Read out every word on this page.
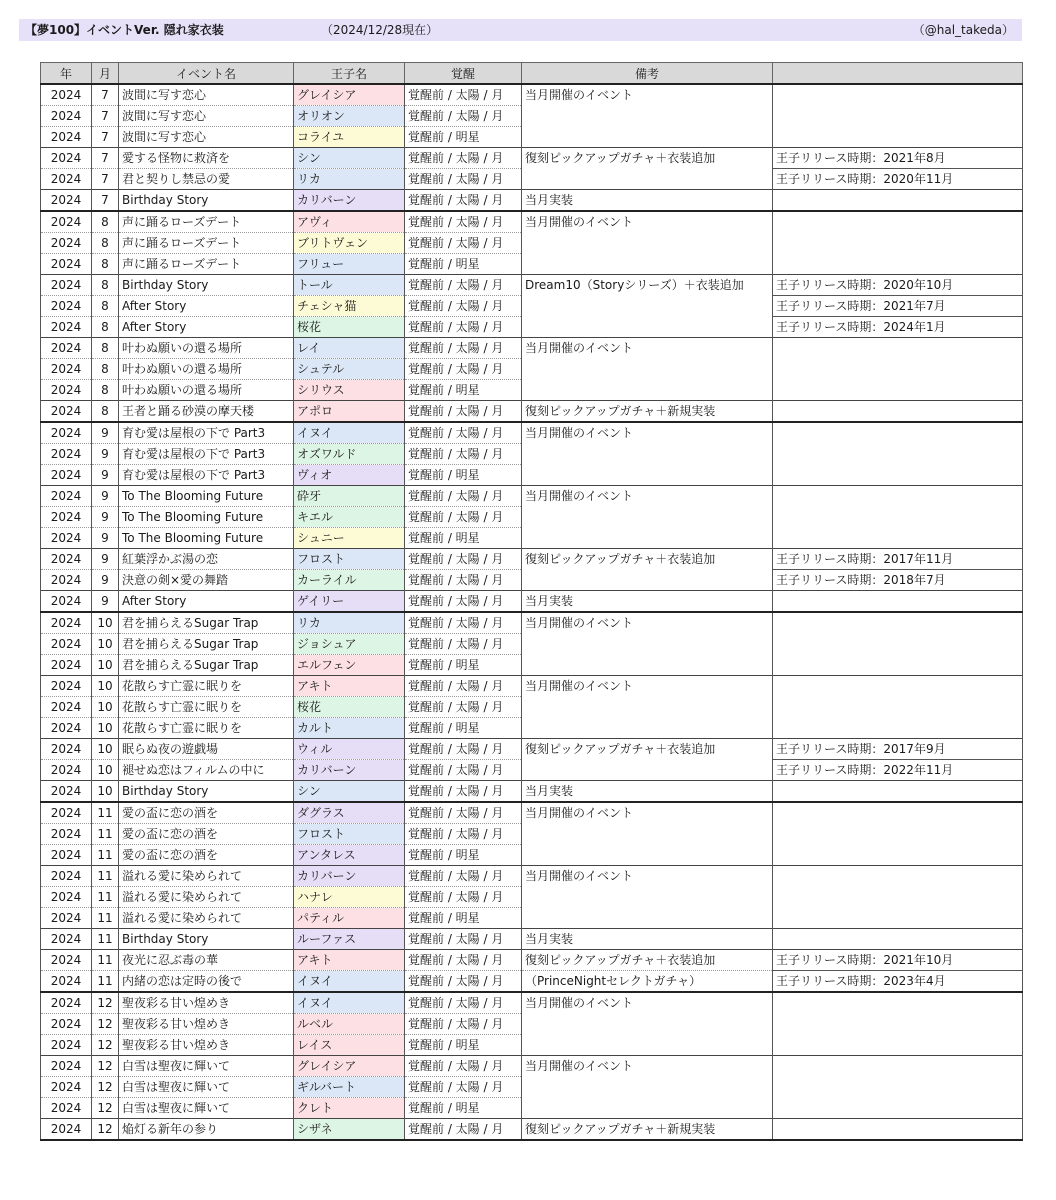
【夢100】イベントVer. 隠れ家衣装	（2024/12/28現在）	（@hal_takeda）
年	月	イベント名	王子名	覚醒	備考	
2024	7	波間に写す恋心	グレイシア	覚醒前 / 太陽 / 月	当月開催のイベント	
2024	7	波間に写す恋心	オリオン	覚醒前 / 太陽 / 月		
2024	7	波間に写す恋心	コライユ	覚醒前 / 明星		
2024	7	愛する怪物に救済を	シン	覚醒前 / 太陽 / 月	復刻ピックアップガチャ＋衣装追加	王子リリース時期：2021年8月
2024	7	君と契りし禁忌の愛	リカ	覚醒前 / 太陽 / 月		王子リリース時期：2020年11月
2024	7	Birthday Story	カリバーン	覚醒前 / 太陽 / 月	当月実装	
2024	8	声に踊るローズデート	アヴィ	覚醒前 / 太陽 / 月	当月開催のイベント	
2024	8	声に踊るローズデート	ブリトヴェン	覚醒前 / 太陽 / 月		
2024	8	声に踊るローズデート	フリュー	覚醒前 / 明星		
2024	8	Birthday Story	トール	覚醒前 / 太陽 / 月	Dream10（Storyシリーズ）＋衣装追加	王子リリース時期：2020年10月
2024	8	After Story	チェシャ猫	覚醒前 / 太陽 / 月		王子リリース時期：2021年7月
2024	8	After Story	桜花	覚醒前 / 太陽 / 月		王子リリース時期：2024年1月
2024	8	叶わぬ願いの還る場所	レイ	覚醒前 / 太陽 / 月	当月開催のイベント	
2024	8	叶わぬ願いの還る場所	シュテル	覚醒前 / 太陽 / 月		
2024	8	叶わぬ願いの還る場所	シリウス	覚醒前 / 明星		
2024	8	王者と踊る砂漠の摩天楼	アポロ	覚醒前 / 太陽 / 月	復刻ピックアップガチャ＋新規実装	
2024	9	育む愛は屋根の下で Part3	イヌイ	覚醒前 / 太陽 / 月	当月開催のイベント	
2024	9	育む愛は屋根の下で Part3	オズワルド	覚醒前 / 太陽 / 月		
2024	9	育む愛は屋根の下で Part3	ヴィオ	覚醒前 / 明星		
2024	9	To The Blooming Future	砕牙	覚醒前 / 太陽 / 月	当月開催のイベント	
2024	9	To The Blooming Future	キエル	覚醒前 / 太陽 / 月		
2024	9	To The Blooming Future	シュニー	覚醒前 / 明星		
2024	9	紅葉浮かぶ湯の恋	フロスト	覚醒前 / 太陽 / 月	復刻ピックアップガチャ＋衣装追加	王子リリース時期：2017年11月
2024	9	決意の剣×愛の舞踏	カーライル	覚醒前 / 太陽 / 月		王子リリース時期：2018年7月
2024	9	After Story	ゲイリー	覚醒前 / 太陽 / 月	当月実装	
2024	10	君を捕らえるSugar Trap	リカ	覚醒前 / 太陽 / 月	当月開催のイベント	
2024	10	君を捕らえるSugar Trap	ジョシュア	覚醒前 / 太陽 / 月		
2024	10	君を捕らえるSugar Trap	エルフェン	覚醒前 / 明星		
2024	10	花散らす亡霊に眠りを	アキト	覚醒前 / 太陽 / 月	当月開催のイベント	
2024	10	花散らす亡霊に眠りを	桜花	覚醒前 / 太陽 / 月		
2024	10	花散らす亡霊に眠りを	カルト	覚醒前 / 明星		
2024	10	眠らぬ夜の遊戯場	ウィル	覚醒前 / 太陽 / 月	復刻ピックアップガチャ＋衣装追加	王子リリース時期：2017年9月
2024	10	褪せぬ恋はフィルムの中に	カリバーン	覚醒前 / 太陽 / 月		王子リリース時期：2022年11月
2024	10	Birthday Story	シン	覚醒前 / 太陽 / 月	当月実装	
2024	11	愛の盃に恋の酒を	ダグラス	覚醒前 / 太陽 / 月	当月開催のイベント	
2024	11	愛の盃に恋の酒を	フロスト	覚醒前 / 太陽 / 月		
2024	11	愛の盃に恋の酒を	アンタレス	覚醒前 / 明星		
2024	11	溢れる愛に染められて	カリバーン	覚醒前 / 太陽 / 月	当月開催のイベント	
2024	11	溢れる愛に染められて	ハナレ	覚醒前 / 太陽 / 月		
2024	11	溢れる愛に染められて	パティル	覚醒前 / 明星		
2024	11	Birthday Story	ルーファス	覚醒前 / 太陽 / 月	当月実装	
2024	11	夜光に忍ぶ毒の華	アキト	覚醒前 / 太陽 / 月	復刻ピックアップガチャ＋衣装追加	王子リリース時期：2021年10月
2024	11	内緒の恋は定時の後で	イヌイ	覚醒前 / 太陽 / 月	（PrinceNightセレクトガチャ）	王子リリース時期：2023年4月
2024	12	聖夜彩る甘い煌めき	イヌイ	覚醒前 / 太陽 / 月	当月開催のイベント	
2024	12	聖夜彩る甘い煌めき	ルベル	覚醒前 / 太陽 / 月		
2024	12	聖夜彩る甘い煌めき	レイス	覚醒前 / 明星		
2024	12	白雪は聖夜に輝いて	グレイシア	覚醒前 / 太陽 / 月	当月開催のイベント	
2024	12	白雪は聖夜に輝いて	ギルバート	覚醒前 / 太陽 / 月		
2024	12	白雪は聖夜に輝いて	クレト	覚醒前 / 明星		
2024	12	焔灯る新年の参り	シザネ	覚醒前 / 太陽 / 月	復刻ピックアップガチャ＋新規実装	
